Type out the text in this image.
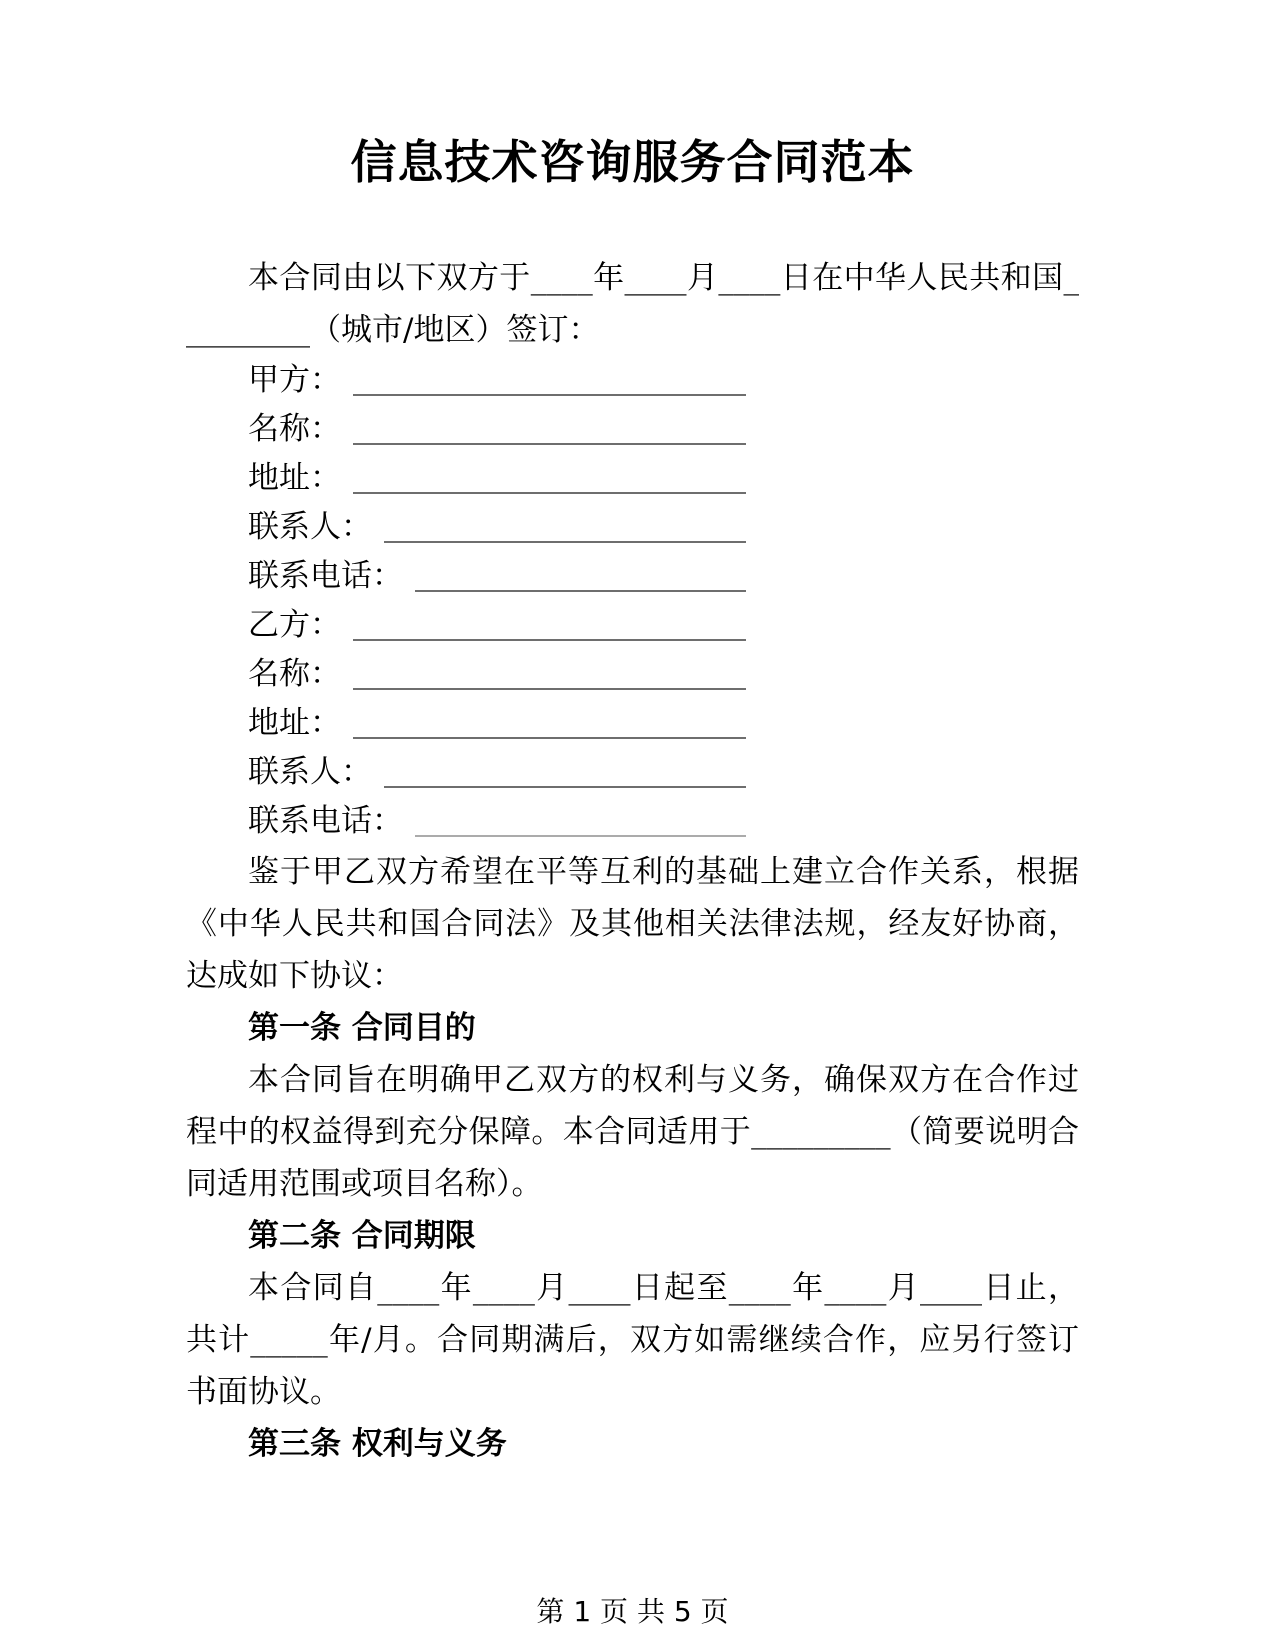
信息技术咨询服务合同范本

本合同由以下双方于____年____月____日在中华人民共和国_________（城市/地区）签订：

甲方：
名称：
地址：
联系人：
联系电话：
乙方：
名称：
地址：
联系人：
联系电话：

鉴于甲乙双方希望在平等互利的基础上建立合作关系，根据《中华人民共和国合同法》及其他相关法律法规，经友好协商，达成如下协议：

第一条 合同目的

本合同旨在明确甲乙双方的权利与义务，确保双方在合作过程中的权益得到充分保障。本合同适用于_________（简要说明合同适用范围或项目名称）。

第二条 合同期限

本合同自____年____月____日起至____年____月____日止，共计_____年/月。合同期满后，双方如需继续合作，应另行签订书面协议。

第三条 权利与义务
第 1 页 共 5 页
